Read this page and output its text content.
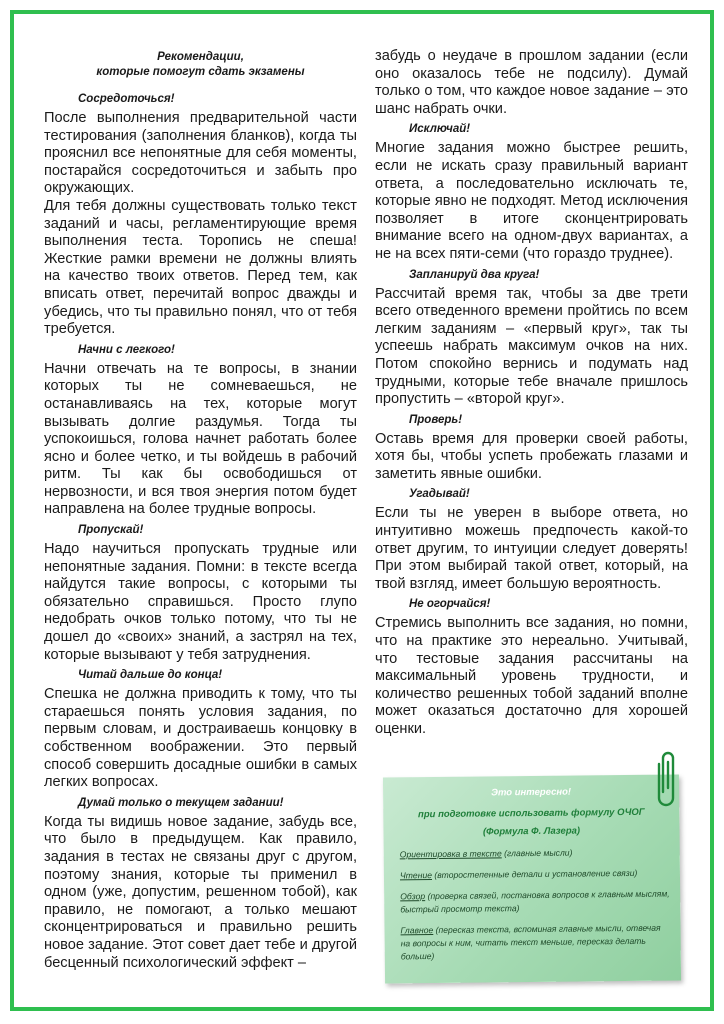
Рекомендации,
которые помогут сдать экзамены
Сосредоточься!

После выполнения предварительной части тестирования (заполнения бланков), когда ты прояснил все непонятные для себя моменты, постарайся сосредоточиться и забыть про окружающих.

Для тебя должны существовать только текст заданий и часы, регламентирующие время выполнения теста. Торопись не спеша! Жесткие рамки времени не должны влиять на качество твоих ответов. Перед тем, как вписать ответ, перечитай вопрос дважды и убедись, что ты правильно понял, что от тебя требуется.

Начни с легкого!

Начни отвечать на те вопросы, в знании которых ты не сомневаешься, не останавливаясь на тех, которые могут вызывать долгие раздумья. Тогда ты успокоишься, голова начнет работать более ясно и более четко, и ты войдешь в рабочий ритм. Ты как бы освободишься от нервозности, и вся твоя энергия потом будет направлена на более трудные вопросы.

Пропускай!

Надо научиться пропускать трудные или непонятные задания. Помни: в тексте всегда найдутся такие вопросы, с которыми ты обязательно справишься. Просто глупо недобрать очков только потому, что ты не дошел до «своих» знаний, а застрял на тех, которые вызывают у тебя затруднения.

Читай дальше до конца!

Спешка не должна приводить к тому, что ты стараешься понять условия задания, по первым словам, и достраиваешь концовку в собственном воображении. Это первый способ совершить досадные ошибки в самых легких вопросах.

Думай только о текущем задании!

Когда ты видишь новое задание, забудь все, что было в предыдущем. Как правило, задания в тестах не связаны друг с другом, поэтому знания, которые ты применил в одном (уже, допустим, решенном тобой), как правило, не помогают, а только мешают сконцентрироваться и правильно решить новое задание. Этот совет дает тебе и другой бесценный психологический эффект –

забудь о неудаче в прошлом задании (если оно оказалось тебе не подсилу). Думай только о том, что каждое новое задание – это шанс набрать очки.

Исключай!

Многие задания можно быстрее решить, если не искать сразу правильный вариант ответа, а последовательно исключать те, которые явно не подходят. Метод исключения позволяет в итоге сконцентрировать внимание всего на одном-двух вариантах, а не на всех пяти-семи (что гораздо труднее).

Запланируй два круга!

Рассчитай время так, чтобы за две трети всего отведенного времени пройтись по всем легким заданиям – «первый круг», так ты успеешь набрать максимум очков на них. Потом спокойно вернись и подумать над трудными, которые тебе вначале пришлось пропустить – «второй круг».

Проверь!

Оставь время для проверки своей работы, хотя бы, чтобы успеть пробежать глазами и заметить явные ошибки.

Угадывай!

Если ты не уверен в выборе ответа, но интуитивно можешь предпочесть какой-то ответ другим, то интуиции следует доверять! При этом выбирай такой ответ, который, на твой взгляд, имеет большую вероятность.

Не огорчайся!

Стремись выполнить все задания, но помни, что на практике это нереально. Учитывай, что тестовые задания рассчитаны на максимальный уровень трудности, и количество решенных тобой заданий вполне может оказаться достаточно для хорошей оценки.

Это интересно!
при подготовке использовать формулу ОЧОГ
(Формула Ф. Лазера)
Ориентировка в тексте (главные мысли)
Чтение (второстепенные детали и установление связи)
Обзор (проверка связей, постановка вопросов к главным мыслям, быстрый просмотр текста)
Главное (пересказ текста, вспоминая главные мысли, отвечая на вопросы к ним, читать текст меньше, пересказ делать больше)
